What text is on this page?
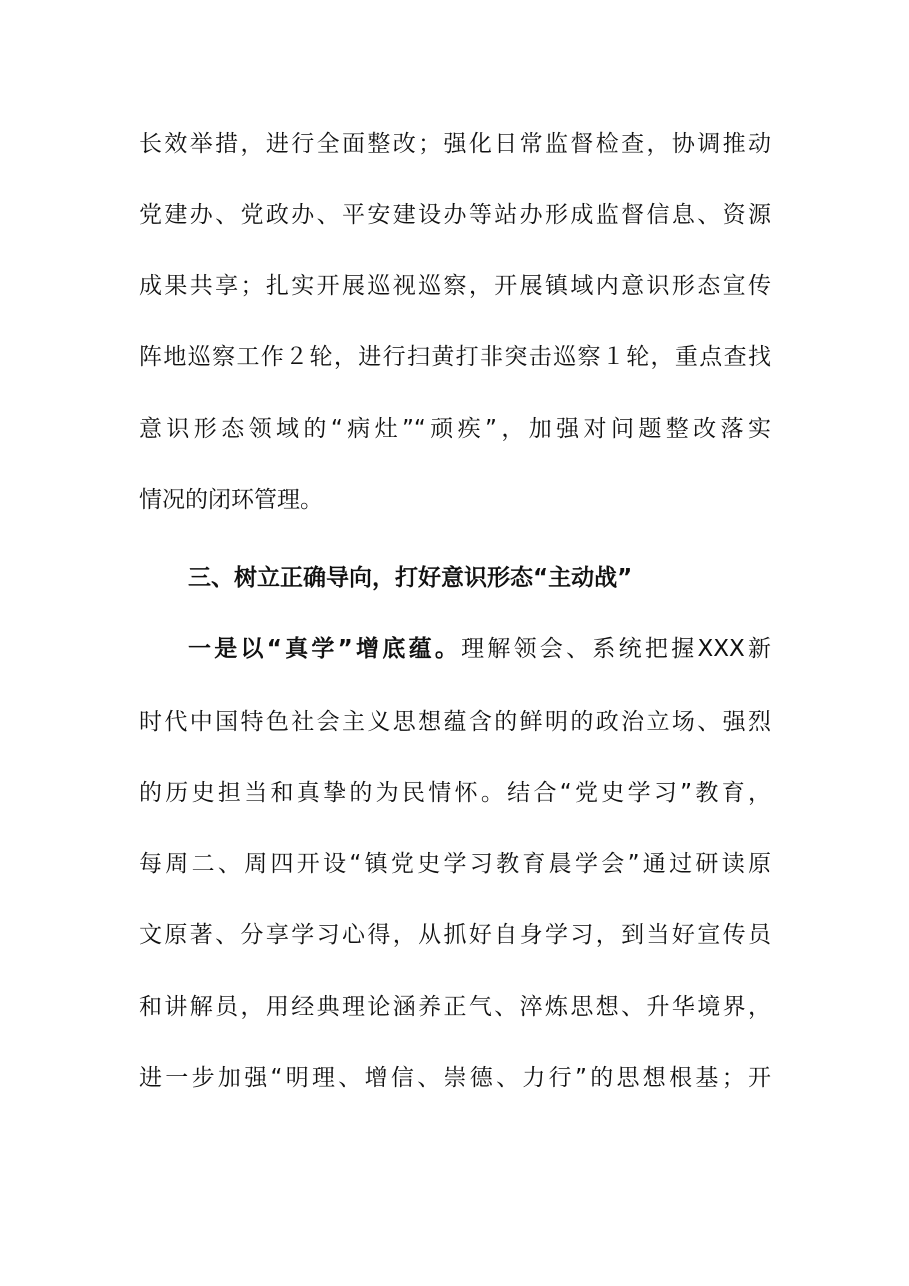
长效举措，进行全面整改；强化日常监督检查，协调推动
党建办、党政办、平安建设办等站办形成监督信息、资源
成果共享；扎实开展巡视巡察，开展镇域内意识形态宣传
阵地巡察工作２轮，进行扫黄打非突击巡察１轮，重点查找
意识形态领域的“病灶”“顽疾”，加强对问题整改落实
情况的闭环管理。
三、树立正确导向，打好意识形态“主动战”
一是以“真学”增底蕴。理解领会、系统把握XXX新
时代中国特色社会主义思想蕴含的鲜明的政治立场、强烈
的历史担当和真挚的为民情怀。结合“党史学习”教育，
每周二、周四开设“镇党史学习教育晨学会”通过研读原
文原著、分享学习心得，从抓好自身学习，到当好宣传员
和讲解员，用经典理论涵养正气、淬炼思想、升华境界，
进一步加强“明理、增信、崇德、力行”的思想根基；开
